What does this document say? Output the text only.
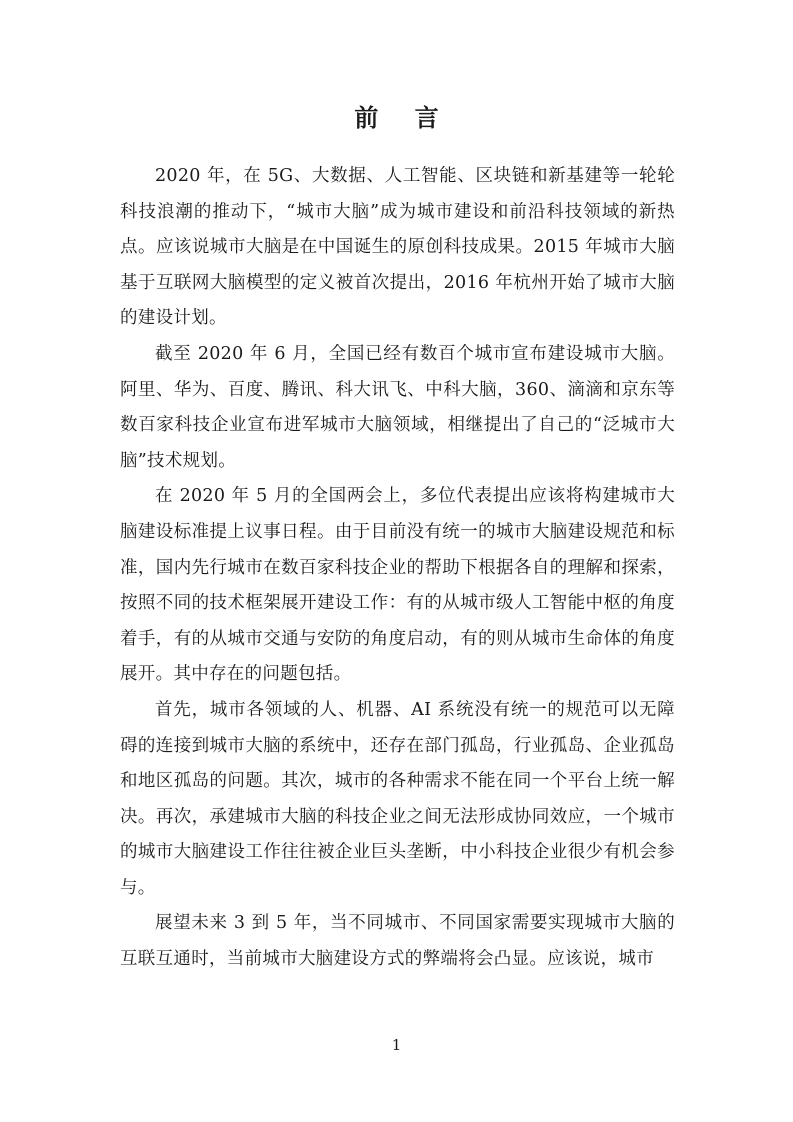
前 言

2020 年，在 5G、大数据、人工智能、区块链和新基建等一轮轮科技浪潮的推动下，“城市大脑”成为城市建设和前沿科技领域的新热点。应该说城市大脑是在中国诞生的原创科技成果。2015 年城市大脑基于互联网大脑模型的定义被首次提出，2016 年杭州开始了城市大脑的建设计划。

截至 2020 年 6 月，全国已经有数百个城市宣布建设城市大脑。阿里、华为、百度、腾讯、科大讯飞、中科大脑，360、滴滴和京东等数百家科技企业宣布进军城市大脑领域，相继提出了自己的“泛城市大脑”技术规划。

在 2020 年 5 月的全国两会上，多位代表提出应该将构建城市大脑建设标准提上议事日程。由于目前没有统一的城市大脑建设规范和标准，国内先行城市在数百家科技企业的帮助下根据各自的理解和探索，按照不同的技术框架展开建设工作：有的从城市级人工智能中枢的角度着手，有的从城市交通与安防的角度启动，有的则从城市生命体的角度展开。其中存在的问题包括。

首先，城市各领域的人、机器、AI 系统没有统一的规范可以无障碍的连接到城市大脑的系统中，还存在部门孤岛，行业孤岛、企业孤岛和地区孤岛的问题。其次，城市的各种需求不能在同一个平台上统一解决。再次，承建城市大脑的科技企业之间无法形成协同效应，一个城市的城市大脑建设工作往往被企业巨头垄断，中小科技企业很少有机会参与。

展望未来 3 到 5 年，当不同城市、不同国家需要实现城市大脑的互联互通时，当前城市大脑建设方式的弊端将会凸显。应该说，城市

1
